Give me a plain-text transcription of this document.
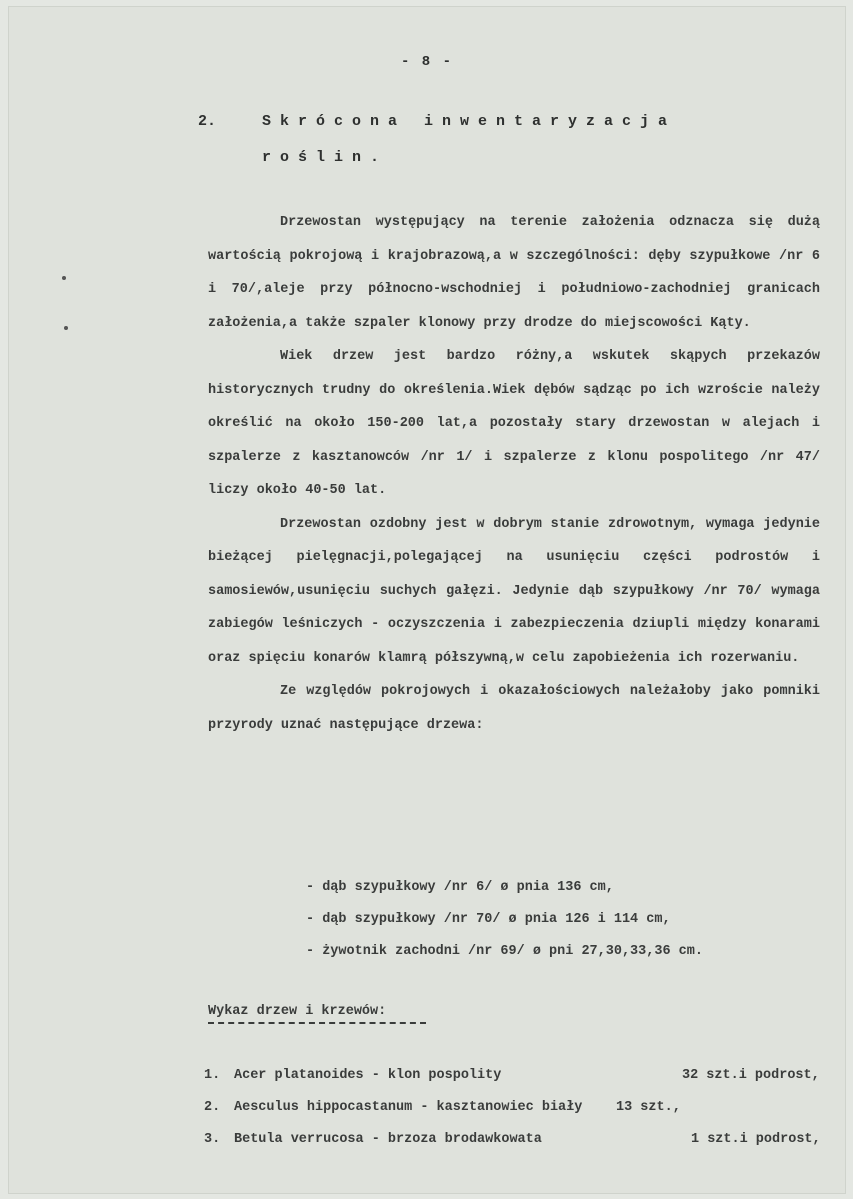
- 8 -
2.	Skrócona inwentaryzacja
roślin.

Drzewostan występujący na terenie założenia odznacza się dużą wartością pokrojową i krajobrazową,a w szczególności: dęby szypułkowe /nr 6 i 70/,aleje przy północno-wschodniej i południowo-zachodniej granicach założenia,a także szpaler klonowy przy drodze do miejscowości Kąty.

Wiek drzew jest bardzo różny,a wskutek skąpych przekazów historycznych trudny do określenia.Wiek dębów sądząc po ich wzroście należy określić na około 150-200 lat,a pozostały stary drzewostan w alejach i szpalerze z kasztanowców /nr 1/ i szpalerze z klonu pospolitego /nr 47/ liczy około 40-50 lat.

Drzewostan ozdobny jest w dobrym stanie zdrowotnym, wymaga jedynie bieżącej pielęgnacji,polegającej na usunięciu części podrostów i samosiewów,usunięciu suchych gałęzi. Jedynie dąb szypułkowy /nr 70/ wymaga zabiegów leśniczych - oczyszczenia i zabezpieczenia dziupli między konarami oraz spięciu konarów klamrą półszywną,w celu zapobieżenia ich rozerwaniu.

Ze względów pokrojowych i okazałościowych należałoby jako pomniki przyrody uznać następujące drzewa:

- dąb szypułkowy /nr 6/ ø pnia 136 cm,
- dąb szypułkowy /nr 70/ ø pnia 126 i 114 cm,
- żywotnik zachodni /nr 69/ ø pni 27,30,33,36 cm.
Wykaz drzew i krzewów:
1. Acer platanoides - klon pospolity	32 szt.i podrost,
2. Aesculus hippocastanum - kasztanowiec biały 13 szt.,
3. Betula verrucosa - brzoza brodawkowata	1 szt.i podrost,
